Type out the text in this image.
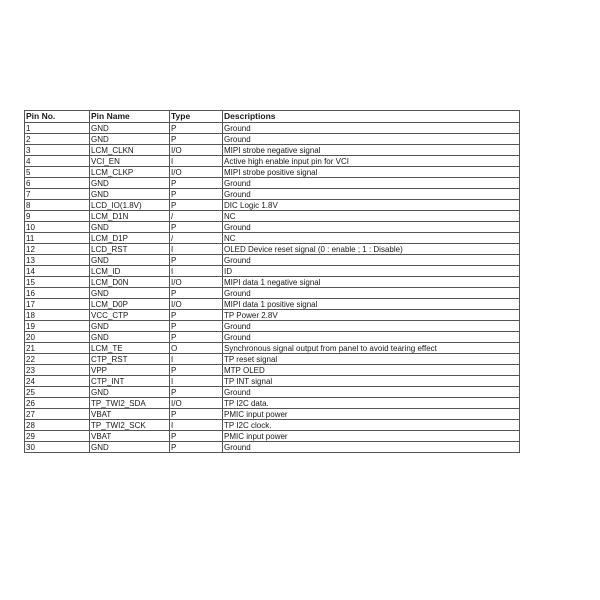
Pin No.	Pin Name	Type	Descriptions
1	GND	P	Ground
2	GND	P	Ground
3	LCM_CLKN	I/O	MIPI strobe negative signal
4	VCI_EN	I	Active high enable input pin for VCI
5	LCM_CLKP	I/O	MIPI strobe positive signal
6	GND	P	Ground
7	GND	P	Ground
8	LCD_IO(1.8V)	P	DIC Logic 1.8V
9	LCM_D1N	/	NC
10	GND	P	Ground
11	LCM_D1P	/	NC
12	LCD_RST	I	OLED Device reset signal (0 : enable ; 1 : Disable)
13	GND	P	Ground
14	LCM_ID	I	ID
15	LCM_D0N	I/O	MIPI data 1 negative signal
16	GND	P	Ground
17	LCM_D0P	I/O	MIPI data 1 positive signal
18	VCC_CTP	P	TP Power 2.8V
19	GND	P	Ground
20	GND	P	Ground
21	LCM_TE	O	Synchronous signal output from panel to avoid tearing effect
22	CTP_RST	I	TP reset signal
23	VPP	P	MTP OLED
24	CTP_INT	I	TP INT signal
25	GND	P	Ground
26	TP_TWI2_SDA	I/O	TP I2C data.
27	VBAT	P	PMIC input power
28	TP_TWI2_SCK	I	TP I2C clock.
29	VBAT	P	PMIC input power
30	GND	P	Ground
